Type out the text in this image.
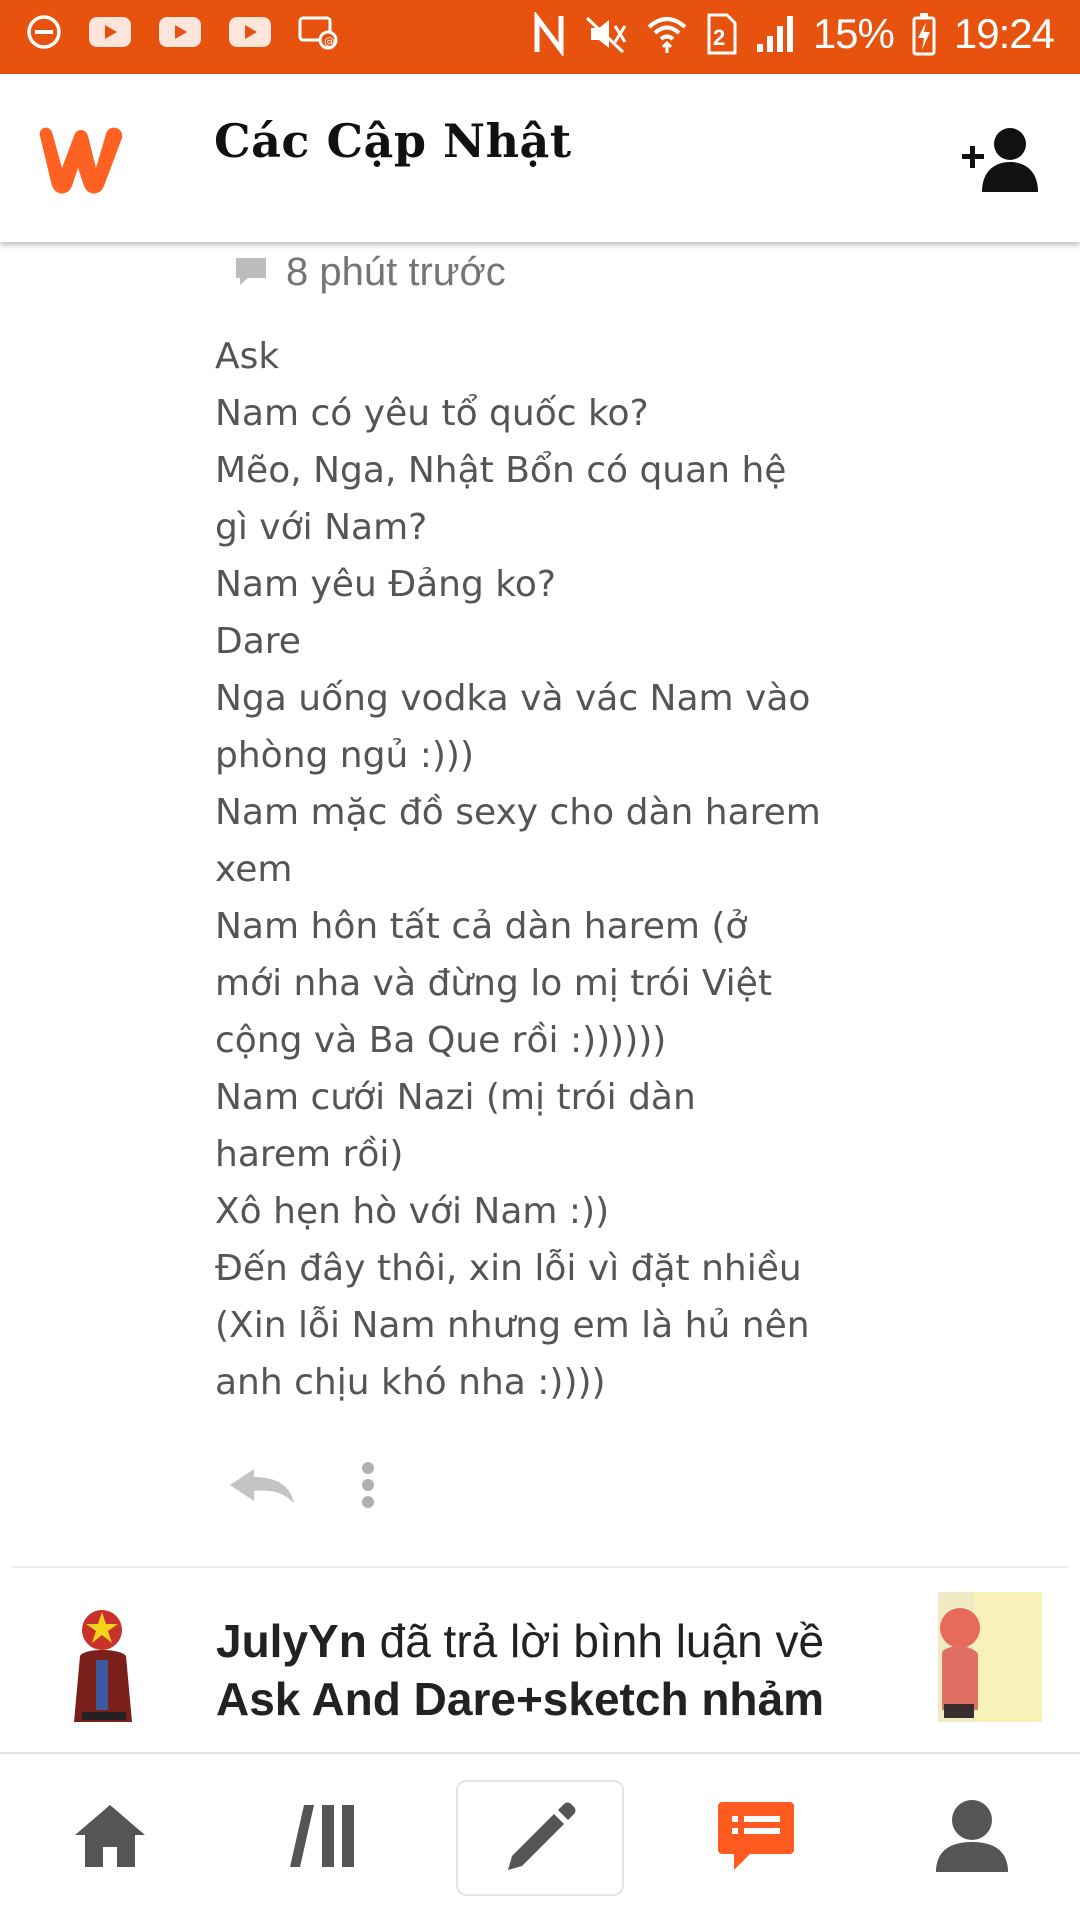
@	2 15% 19:24
Các Cập Nhật
8 phút trước
Ask
Nam có yêu tổ quốc ko?
Mẽo, Nga, Nhật Bổn có quan hệ
gì với Nam?
Nam yêu Đảng ko?
Dare
Nga uống vodka và vác Nam vào
phòng ngủ :)))
Nam mặc đồ sexy cho dàn harem
xem
Nam hôn tất cả dàn harem (ở
mới nha và đừng lo mị trói Việt
cộng và Ba Que rồi :))))))
Nam cưới Nazi (mị trói dàn
harem rồi)
Xô hẹn hò với Nam :))
Đến đây thôi, xin lỗi vì đặt nhiều
(Xin lỗi Nam nhưng em là hủ nên
anh chịu khó nha :))))
JulyYn đã trả lời bình luận về
Ask And Dare+sketch nhảm
